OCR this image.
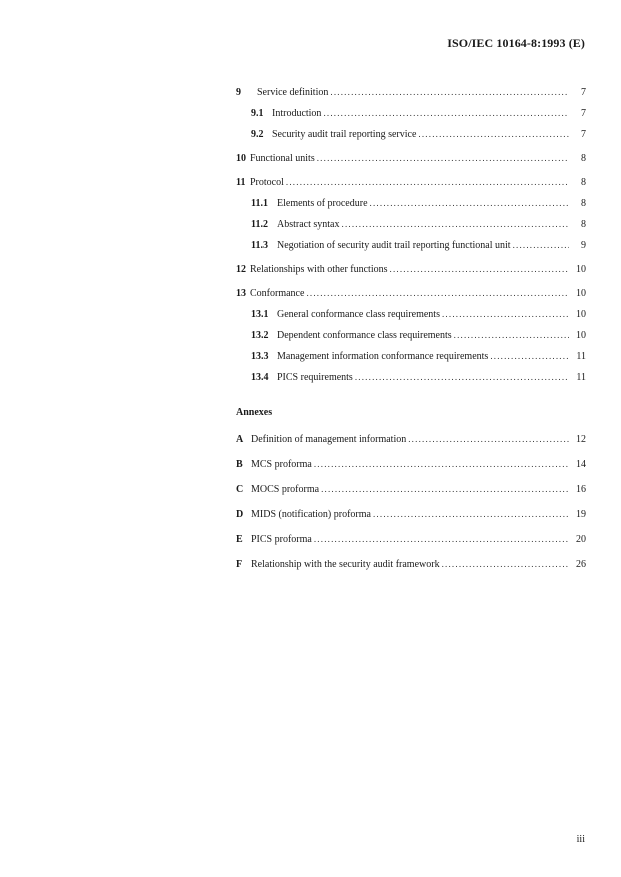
ISO/IEC 10164-8:1993 (E)
9	Service definition .....	7
9.1 Introduction .....	7
9.2 Security audit trail reporting service .....	7
10 Functional units .....	8
11 Protocol .....	8
11.1 Elements of procedure .....	8
11.2 Abstract syntax .....	8
11.3 Negotiation of security audit trail reporting functional unit .....	9
12 Relationships with other functions .....	10
13 Conformance .....	10
13.1 General conformance class requirements .....	10
13.2 Dependent conformance class requirements .....	10
13.3 Management information conformance requirements .....	11
13.4 PICS requirements .....	11
Annexes
A Definition of management information .....	12
B MCS proforma .....	14
C MOCS proforma .....	16
D MIDS (notification) proforma .....	19
E PICS proforma .....	20
F Relationship with the security audit framework .....	26
iii
